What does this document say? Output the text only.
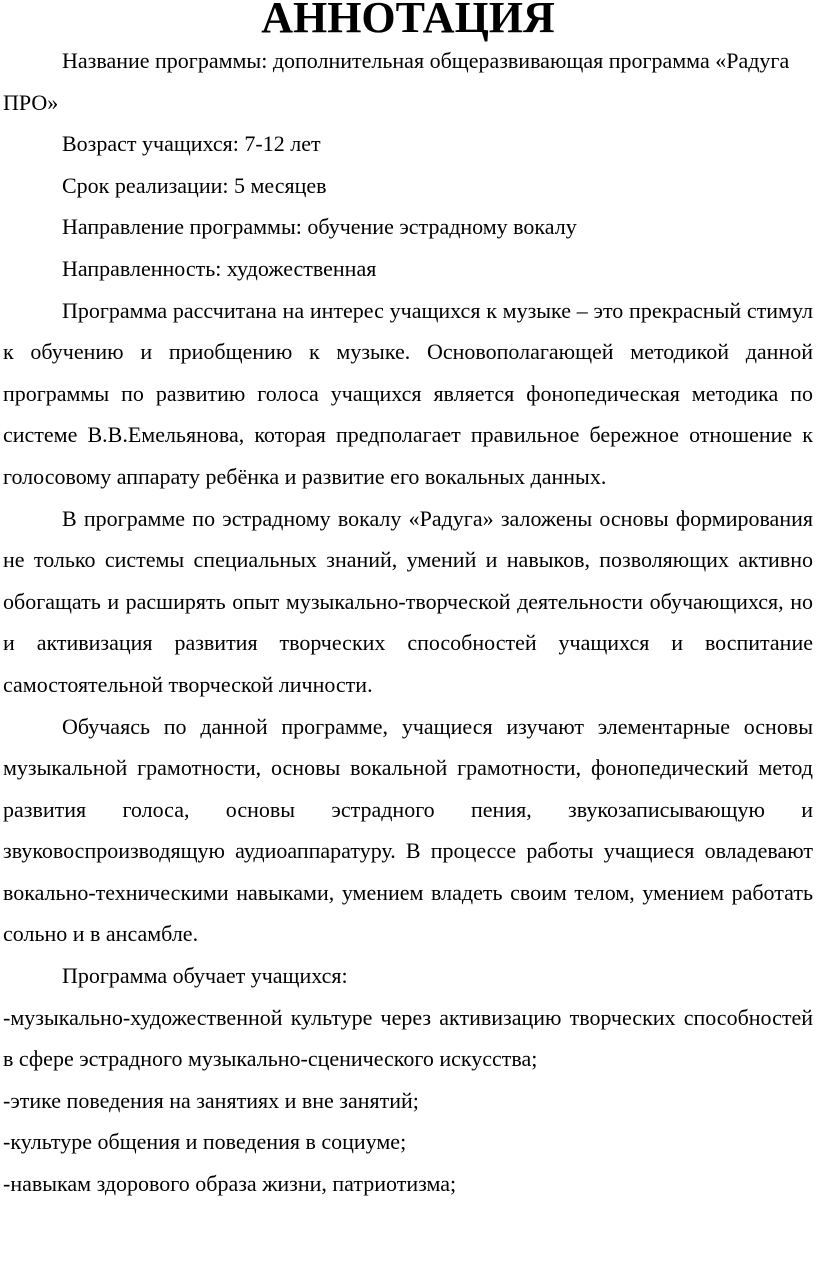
АННОТАЦИЯ

Название программы: дополнительная общеразвивающая программа «Радуга ПРО»

Возраст учащихся: 7-12 лет

Срок реализации: 5 месяцев

Направление программы: обучение эстрадному вокалу

Направленность: художественная

Программа рассчитана на интерес учащихся к музыке – это прекрасный стимул к обучению и приобщению к музыке. Основополагающей методикой данной программы по развитию голоса учащихся является фонопедическая методика по системе В.В.Емельянова, которая предполагает правильное бережное отношение к голосовому аппарату ребёнка и развитие его вокальных данных.

В программе по эстрадному вокалу «Радуга» заложены основы формирования не только системы специальных знаний, умений и навыков, позволяющих активно обогащать и расширять опыт музыкально-творческой деятельности обучающихся, но и активизация развития творческих способностей учащихся и воспитание самостоятельной творческой личности.

Обучаясь по данной программе, учащиеся изучают элементарные основы музыкальной грамотности, основы вокальной грамотности, фонопедический метод развития голоса, основы эстрадного пения, звукозаписывающую и звуковоспроизводящую аудиоаппаратуру. В процессе работы учащиеся овладевают вокально-техническими навыками, умением владеть своим телом, умением работать сольно и в ансамбле.

Программа обучает учащихся:

-музыкально-художественной культуре через активизацию творческих способностей в сфере эстрадного музыкально-сценического искусства;

-этике поведения на занятиях и вне занятий;

-культуре общения и поведения в социуме;

-навыкам здорового образа жизни, патриотизма;
